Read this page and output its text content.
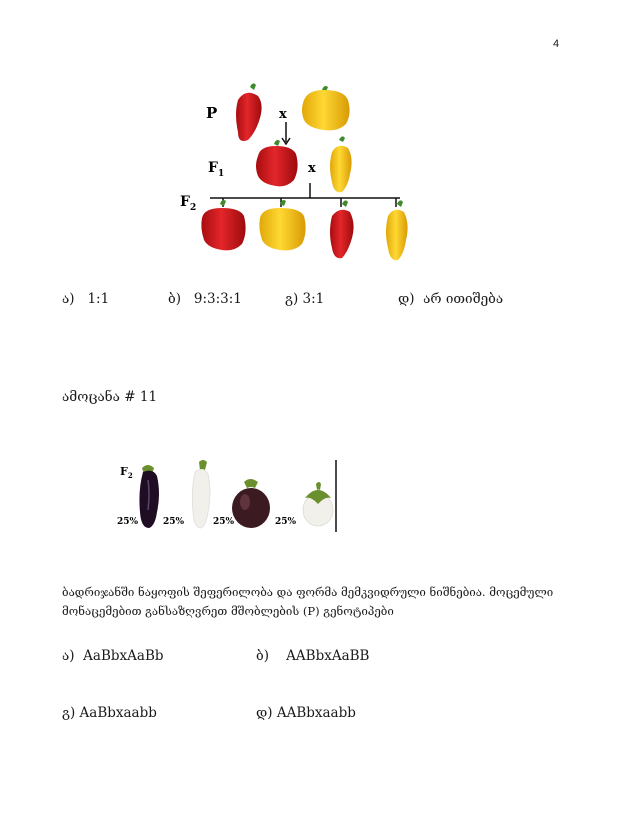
4
P	x
$F_1$	x
$F_2$
ა) 1:1	ბ) 9:3:3:1	გ) 3:1	დ) არ ითიშება
ამოცანა # 11
$F_2$
25%	25%	25%	25%
ბადრიჯანში ნაყოფის შეფერილობა და ფორმა მემკვიდრული ნიშნებია. მოცემული
მონაცემებით განსაზღვრეთ მშობლების (P) გენოტიპები
ა) AaBbxAaBb	ბ) AABbxAaBB
გ) AaBbxaabb	დ) AABbxaabb
